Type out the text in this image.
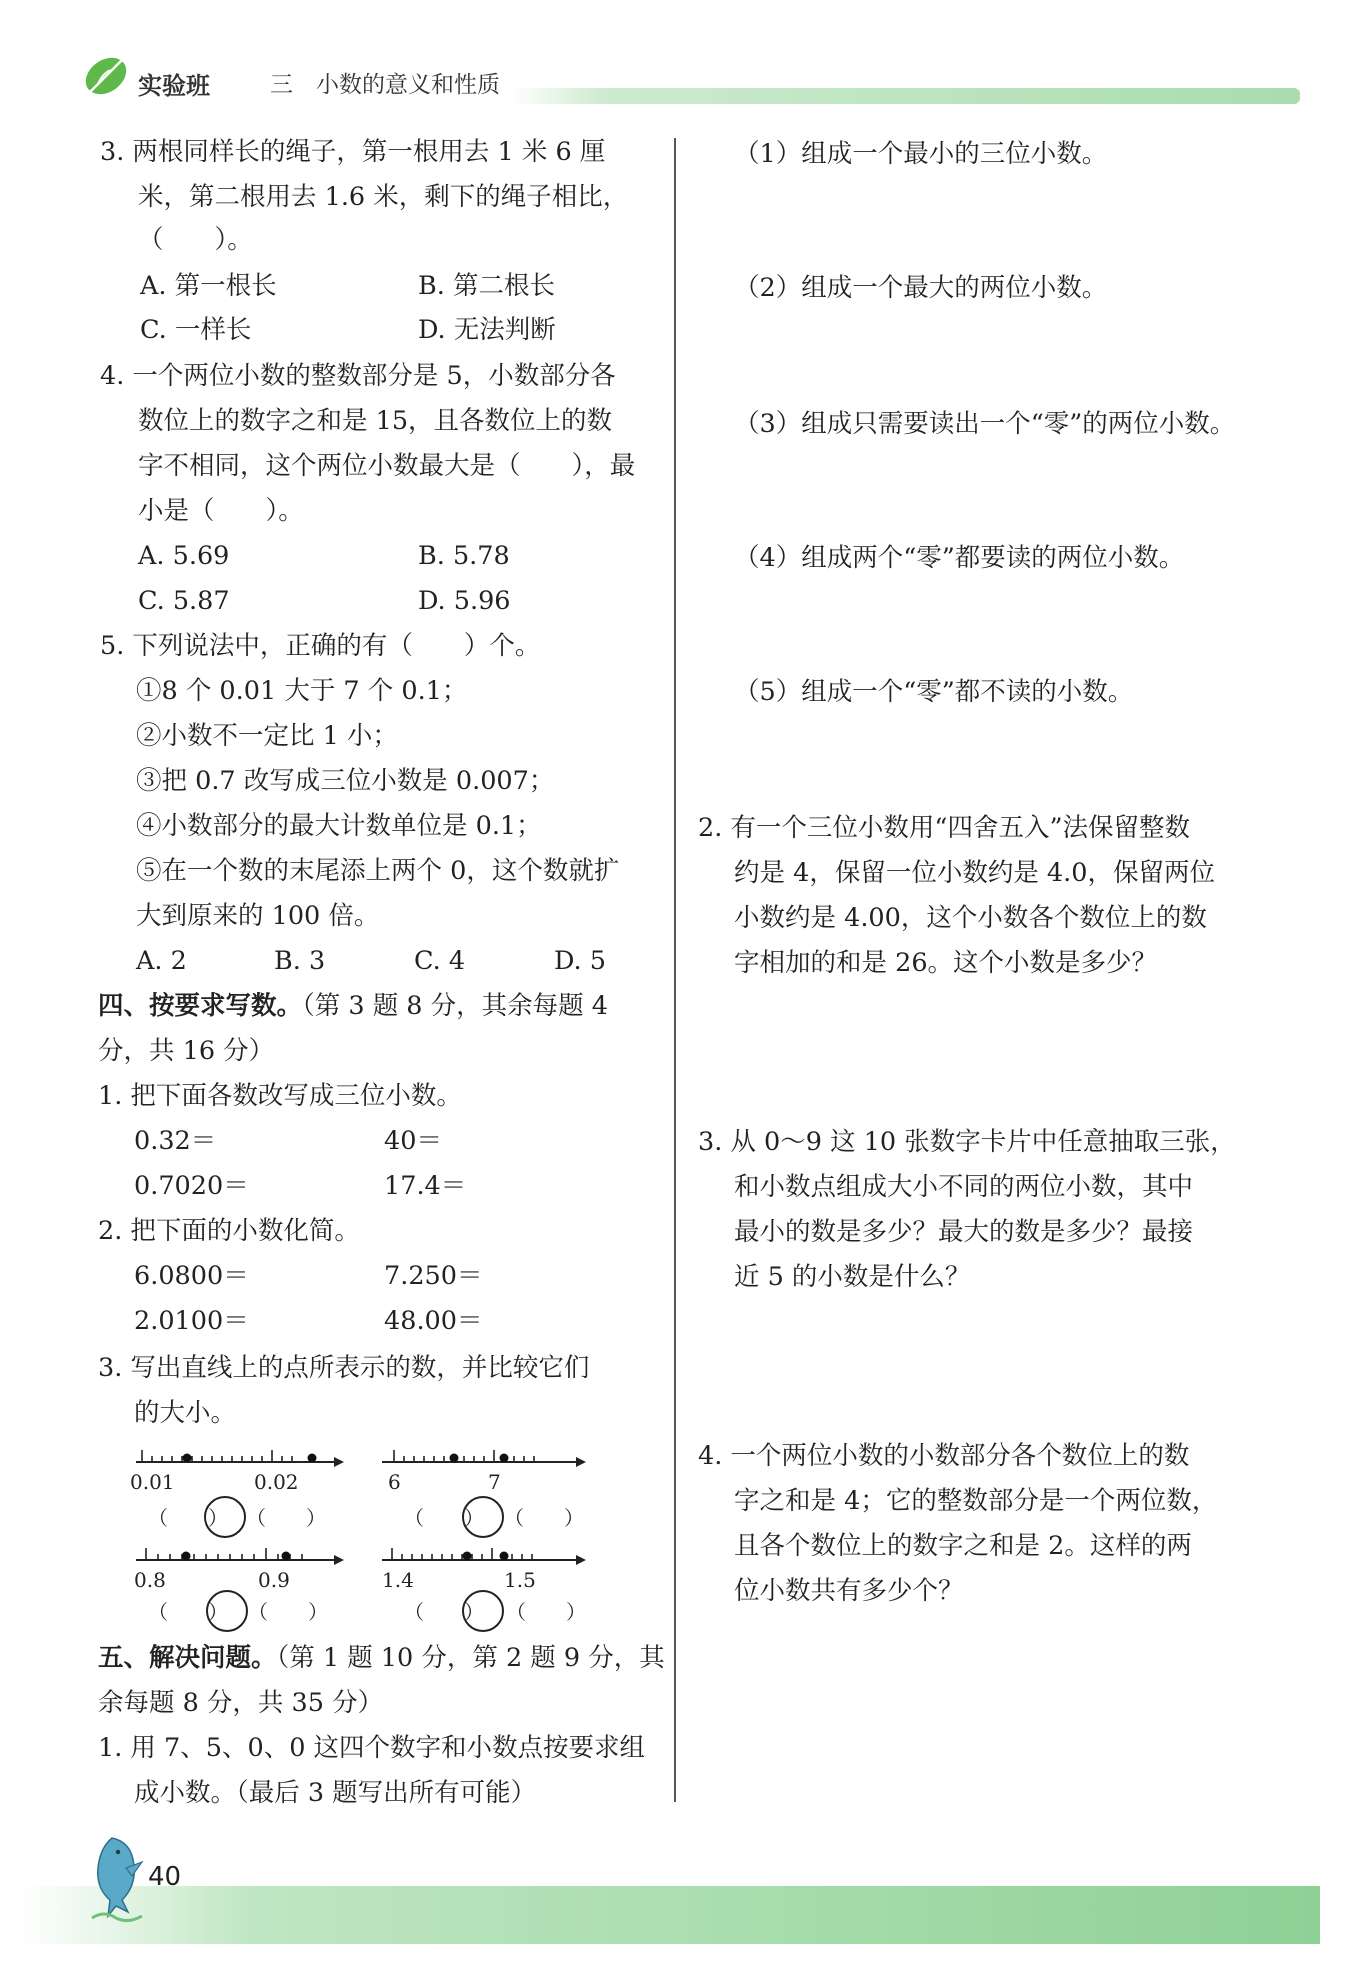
实验班	三　小数的意义和性质
3. 两根同样长的绳子，第一根用去 1 米 6 厘
米，第二根用去 1.6 米，剩下的绳子相比，
（　　）。
A. 第一根长	B. 第二根长
C. 一样长	D. 无法判断
4. 一个两位小数的整数部分是 5，小数部分各
数位上的数字之和是 15，且各数位上的数
字不相同，这个两位小数最大是（　　），最
小是（　　）。
A. 5.69	B. 5.78
C. 5.87	D. 5.96
5. 下列说法中，正确的有（　　）个。
①8 个 0.01 大于 7 个 0.1；
②小数不一定比 1 小；
③把 0.7 改写成三位小数是 0.007；
④小数部分的最大计数单位是 0.1；
⑤在一个数的末尾添上两个 0，这个数就扩
大到原来的 100 倍。
A. 2	B. 3	C. 4	D. 5
四、按要求写数。（第 3 题 8 分，其余每题 4
分，共 16 分）
1. 把下面各数改写成三位小数。
0.32＝	40＝
0.7020＝	17.4＝
2. 把下面的小数化简。
6.0800＝	7.250＝
2.0100＝	48.00＝
3. 写出直线上的点所表示的数，并比较它们
的大小。
0.01	0.02
（　　） （　　）
6	7
（　　） （　　）
0.8	0.9
（　　） （　　）
1.4	1.5
（　　） （　　）
五、解决问题。（第 1 题 10 分，第 2 题 9 分，其
余每题 8 分，共 35 分）
1. 用 7、5、0、0 这四个数字和小数点按要求组
成小数。（最后 3 题写出所有可能）
（1）组成一个最小的三位小数。
（2）组成一个最大的两位小数。
（3）组成只需要读出一个“零”的两位小数。
（4）组成两个“零”都要读的两位小数。
（5）组成一个“零”都不读的小数。
2. 有一个三位小数用“四舍五入”法保留整数
约是 4，保留一位小数约是 4.0，保留两位
小数约是 4.00，这个小数各个数位上的数
字相加的和是 26。这个小数是多少？
3. 从 0～9 这 10 张数字卡片中任意抽取三张，
和小数点组成大小不同的两位小数，其中
最小的数是多少？最大的数是多少？最接
近 5 的小数是什么？
4. 一个两位小数的小数部分各个数位上的数
字之和是 4；它的整数部分是一个两位数，
且各个数位上的数字之和是 2。这样的两
位小数共有多少个？
40
